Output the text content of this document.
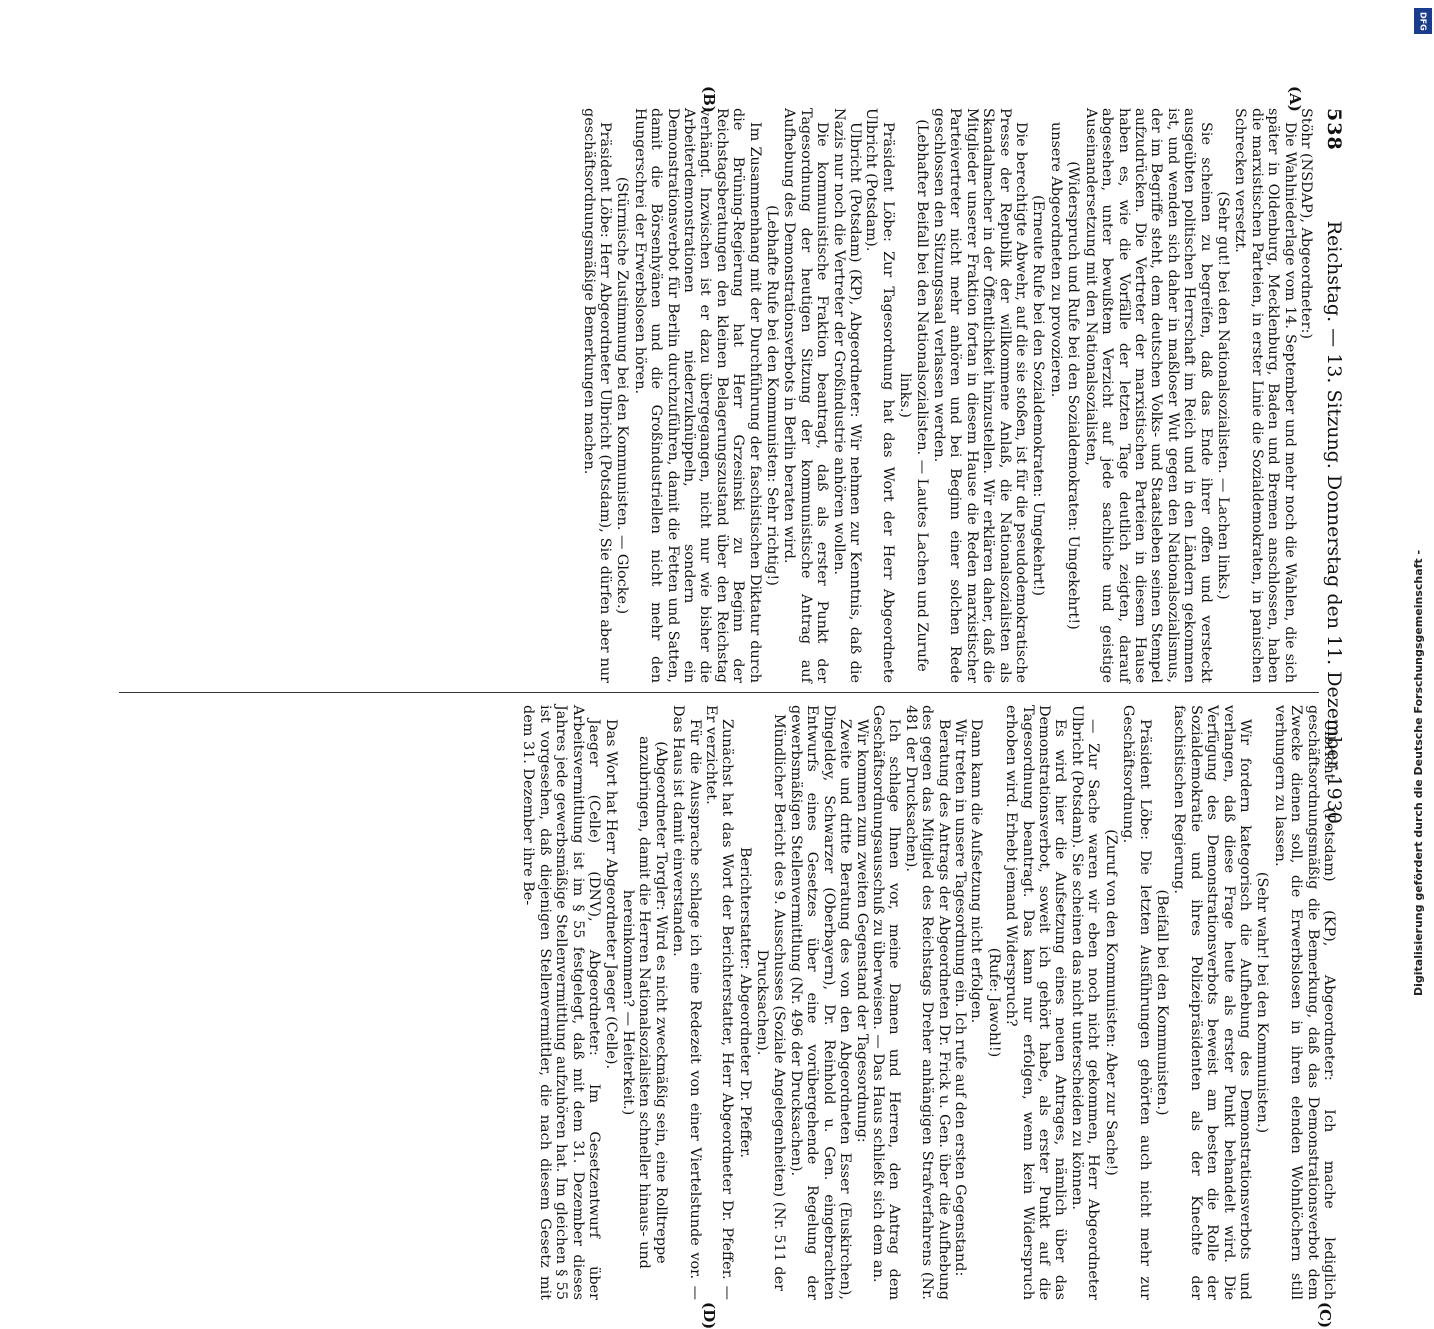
538
Reichstag. — 13. Sitzung. Donnerstag den 11. Dezember 1930.
(A)
(B)
(C)
(D)

Stöhr (NSDAP), Abgeordneter:)

Die Wahlniederlage vom 14. September und mehr noch die Wahlen, die sich später in Oldenburg, Mecklenburg, Baden und Bremen anschlossen, haben die marxistischen Parteien, in erster Linie die Sozialdemokraten, in panischen Schrecken versetzt.

(Sehr gut! bei den Nationalsozialisten. — Lachen links.)

Sie scheinen zu begreifen, daß das Ende ihrer offen und versteckt ausgeübten politischen Herrschaft im Reich und in den Ländern gekommen ist, und wenden sich daher in maßloser Wut gegen den Nationalsozialismus, der im Begriffe steht, dem deutschen Volks- und Staatsleben seinen Stempel aufzudrücken. Die Vertreter der marxistischen Parteien in diesem Hause haben es, wie die Vorfälle der letzten Tage deutlich zeigten, darauf abgesehen, unter bewußtem Verzicht auf jede sachliche und geistige Auseinandersetzung mit den Nationalsozialisten,

(Widerspruch und Rufe bei den Sozialdemokraten: Umgekehrt!)

unsere Abgeordneten zu provozieren.

(Erneute Rufe bei den Sozialdemokraten: Umgekehrt!)

Die berechtigte Abwehr, auf die sie stoßen, ist für die pseudodemokratische Presse der Republik der willkommene Anlaß, die Nationalsozialisten als Skandalmacher in der Öffentlichkeit hinzustellen. Wir erklären daher, daß die Mitglieder unserer Fraktion fortan in diesem Hause die Reden marxistischer Parteivertreter nicht mehr anhören und bei Beginn einer solchen Rede geschlossen den Sitzungssaal verlassen werden.

(Lebhafter Beifall bei den Nationalsozialisten. — Lautes Lachen und Zurufe links.)

Präsident Löbe: Zur Tagesordnung hat das Wort der Herr Abgeordnete Ulbricht (Potsdam).

Ulbricht (Potsdam) (KP), Abgeordneter: Wir nehmen zur Kenntnis, daß die Nazis nur noch die Vertreter der Großindustrie anhören wollen.

Die kommunistische Fraktion beantragt, daß als erster Punkt der Tagesordnung der heutigen Sitzung der kommunistische Antrag auf Aufhebung des Demonstrationsverbots in Berlin beraten wird.

(Lebhafte Rufe bei den Kommunisten: Sehr richtig!)

Im Zusammenhang mit der Durchführung der faschistischen Diktatur durch die Brüning-Regierung hat Herr Grzesinski zu Beginn der Reichstagsberatungen den kleinen Belagerungszustand über den Reichstag verhängt. Inzwischen ist er dazu übergegangen, nicht nur wie bisher die Arbeiterdemonstrationen niederzuknüppeln, sondern ein Demonstrationsverbot für Berlin durchzuführen, damit die Fetten und Satten, damit die Börsenhyänen und die Großindustriellen nicht mehr den Hungerschrei der Erwerbslosen hören.

(Stürmische Zustimmung bei den Kommunisten. — Glocke.)

Präsident Löbe: Herr Abgeordneter Ulbricht (Potsdam), Sie dürfen aber nur geschäftsordnungsmäßige Bemerkungen machen.

Ulbricht (Potsdam) (KP), Abgeordneter: Ich mache lediglich geschäftsordnungsmäßig die Bemerkung, daß das Demonstrationsverbot dem Zwecke dienen soll, die Erwerbslosen in ihren elenden Wohnlöchern still verhungern zu lassen.

(Sehr wahr! bei den Kommunisten.)

Wir fordern kategorisch die Aufhebung des Demonstrationsverbots und verlangen, daß diese Frage heute als erster Punkt behandelt wird. Die Verfügung des Demonstrationsverbots beweist am besten die Rolle der Sozialdemokratie und ihres Polizeipräsidenten als der Knechte der faschistischen Regierung.

(Beifall bei den Kommunisten.)

Präsident Löbe: Die letzten Ausführungen gehörten auch nicht mehr zur Geschäftsordnung.

(Zuruf von den Kommunisten: Aber zur Sache!)

— Zur Sache waren wir eben noch nicht gekommen, Herr Abgeordneter Ulbricht (Potsdam). Sie scheinen das nicht unterscheiden zu können.

Es wird hier die Aufsetzung eines neuen Antrages, nämlich über das Demonstrationsverbot, soweit ich gehört habe, als erster Punkt auf die Tagesordnung beantragt. Das kann nur erfolgen, wenn kein Widerspruch erhoben wird. Erhebt jemand Widerspruch?

(Rufe: Jawohl!)

Dann kann die Aufsetzung nicht erfolgen.

Wir treten in unsere Tagesordnung ein. Ich rufe auf den ersten Gegenstand:

Beratung des Antrags der Abgeordneten Dr. Frick u. Gen. über die Aufhebung des gegen das Mitglied des Reichstags Dreher anhängigen Strafverfahrens (Nr. 481 der Drucksachen).

Ich schlage Ihnen vor, meine Damen und Herren, den Antrag dem Geschäftsordnungsausschuß zu überweisen. — Das Haus schließt sich dem an.

Wir kommen zum zweiten Gegenstand der Tagesordnung:

Zweite und dritte Beratung des von den Abgeordneten Esser (Euskirchen), Dingeldey, Schwarzer (Oberbayern), Dr. Reinhold u. Gen. eingebrachten Entwurfs eines Gesetzes über eine vorübergehende Regelung der gewerbsmäßigen Stellenvermittlung (Nr. 496 der Drucksachen).

Mündlicher Bericht des 9. Ausschusses (Soziale Angelegenheiten) (Nr. 511 der Drucksachen).

Berichterstatter: Abgeordneter Dr. Pfeffer.

Zunächst hat das Wort der Berichterstatter, Herr Abgeordneter Dr. Pfeffer. — Er verzichtet.

Für die Aussprache schlage ich eine Redezeit von einer Viertelstunde vor. — Das Haus ist damit einverstanden.

(Abgeordneter Torgler: Wird es nicht zweckmäßig sein, eine Rolltreppe anzubringen, damit die Herren Nationalsozialisten schneller hinaus- und hereinkommen? — Heiterkeit.)

Das Wort hat Herr Abgeordneter Jaeger (Celle).

Jaeger (Celle) (DNV), Abgeordneter: Im Gesetzentwurf über Arbeitsvermittlung ist im § 55 festgelegt, daß mit dem 31. Dezember dieses Jahres jede gewerbsmäßige Stellenvermittlung aufzuhören hat. Im gleichen § 55 ist vorgesehen, daß diejenigen Stellenvermittler, die nach diesem Gesetz mit dem 31. Dezember ihre Be-	Digitalisierung gefördert durch die Deutsche Forschungsgemeinschaft -
DFG
